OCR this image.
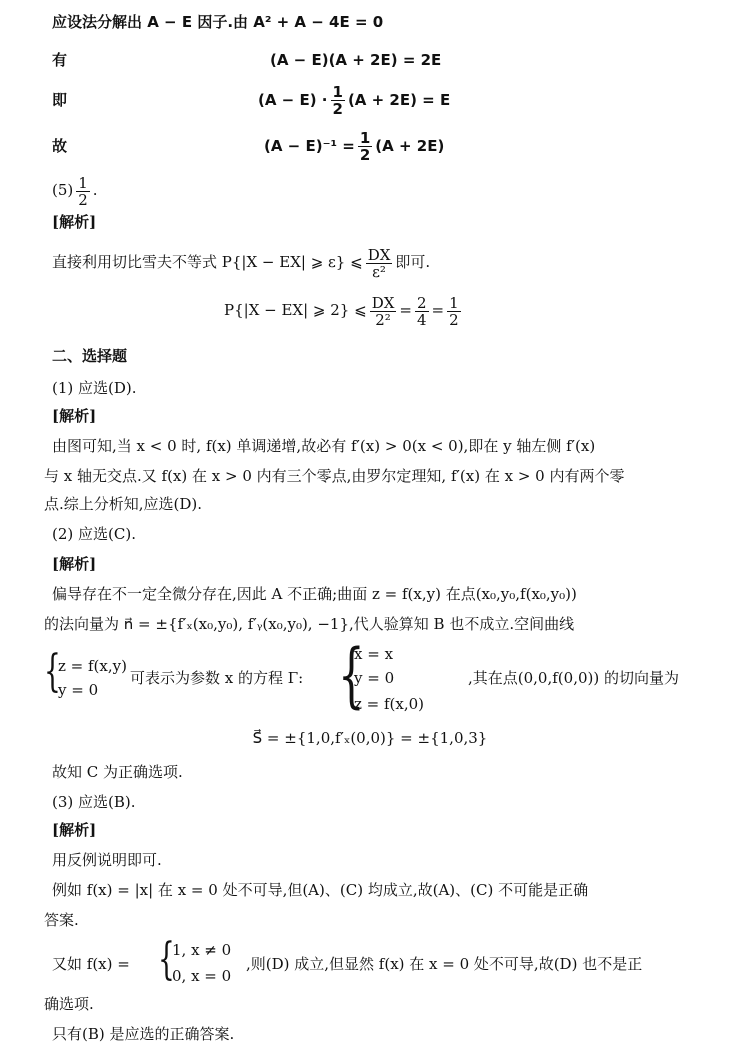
应设法分解出 A − E 因子.由 A² + A − 4E = 0
有	(A − E)(A + 2E) = 2E
即	$(A - E) \cdot \frac{1}{2} (A + 2E) = E$
故	$(A - E)^{-1} = \frac{1}{2} (A + 2E)$
$(5) \frac{1}{2}$ .
[解析]
直接利用切比雪夫不等式 P{|X − EX| ⩾ ε} ⩽ $\frac{DX}{\text{ε²}}$ 即可.
P{|X − EX| ⩾ 2} ⩽ $\frac{DX}{\text{2²}} = \frac{2}{4} = \frac{1}{2}$
二、选择题
(1) 应选(D).
[解析]
由图可知,当 x < 0 时, f(x) 单调递增,故必有 f′(x) > 0(x < 0),即在 y 轴左侧 f′(x)
与 x 轴无交点.又 f(x) 在 x > 0 内有三个零点,由罗尔定理知, f′(x) 在 x > 0 内有两个零
点.综上分析知,应选(D).
(2) 应选(C).
[解析]
偏导存在不一定全微分存在,因此 A 不正确;曲面 z = f(x,y) 在点(x₀,y₀,f(x₀,y₀))
的法向量为 n⃗ = ±{f′ₓ(x₀,y₀), f′ᵧ(x₀,y₀), −1},代人验算知 B 也不成立.空间曲线
{
z = f(x,y)
y = 0
可表示为参数 x 的方程 Γ: {
x = x
y = 0
z = f(x,0)
,其在点(0,0,f(0,0)) 的切向量为
S⃗ = ±{1,0,f′ₓ(0,0)} = ±{1,0,3}
故知 C 为正确选项.
(3) 应选(B).
[解析]
用反例说明即可.
例如 f(x) = |x| 在 x = 0 处不可导,但(A)、(C) 均成立,故(A)、(C) 不可能是正确
答案.
又如 f(x) = {
1, x ≠ 0
0, x = 0
,则(D) 成立,但显然 f(x) 在 x = 0 处不可导,故(D) 也不是正
确选项.
只有(B) 是应选的正确答案.
